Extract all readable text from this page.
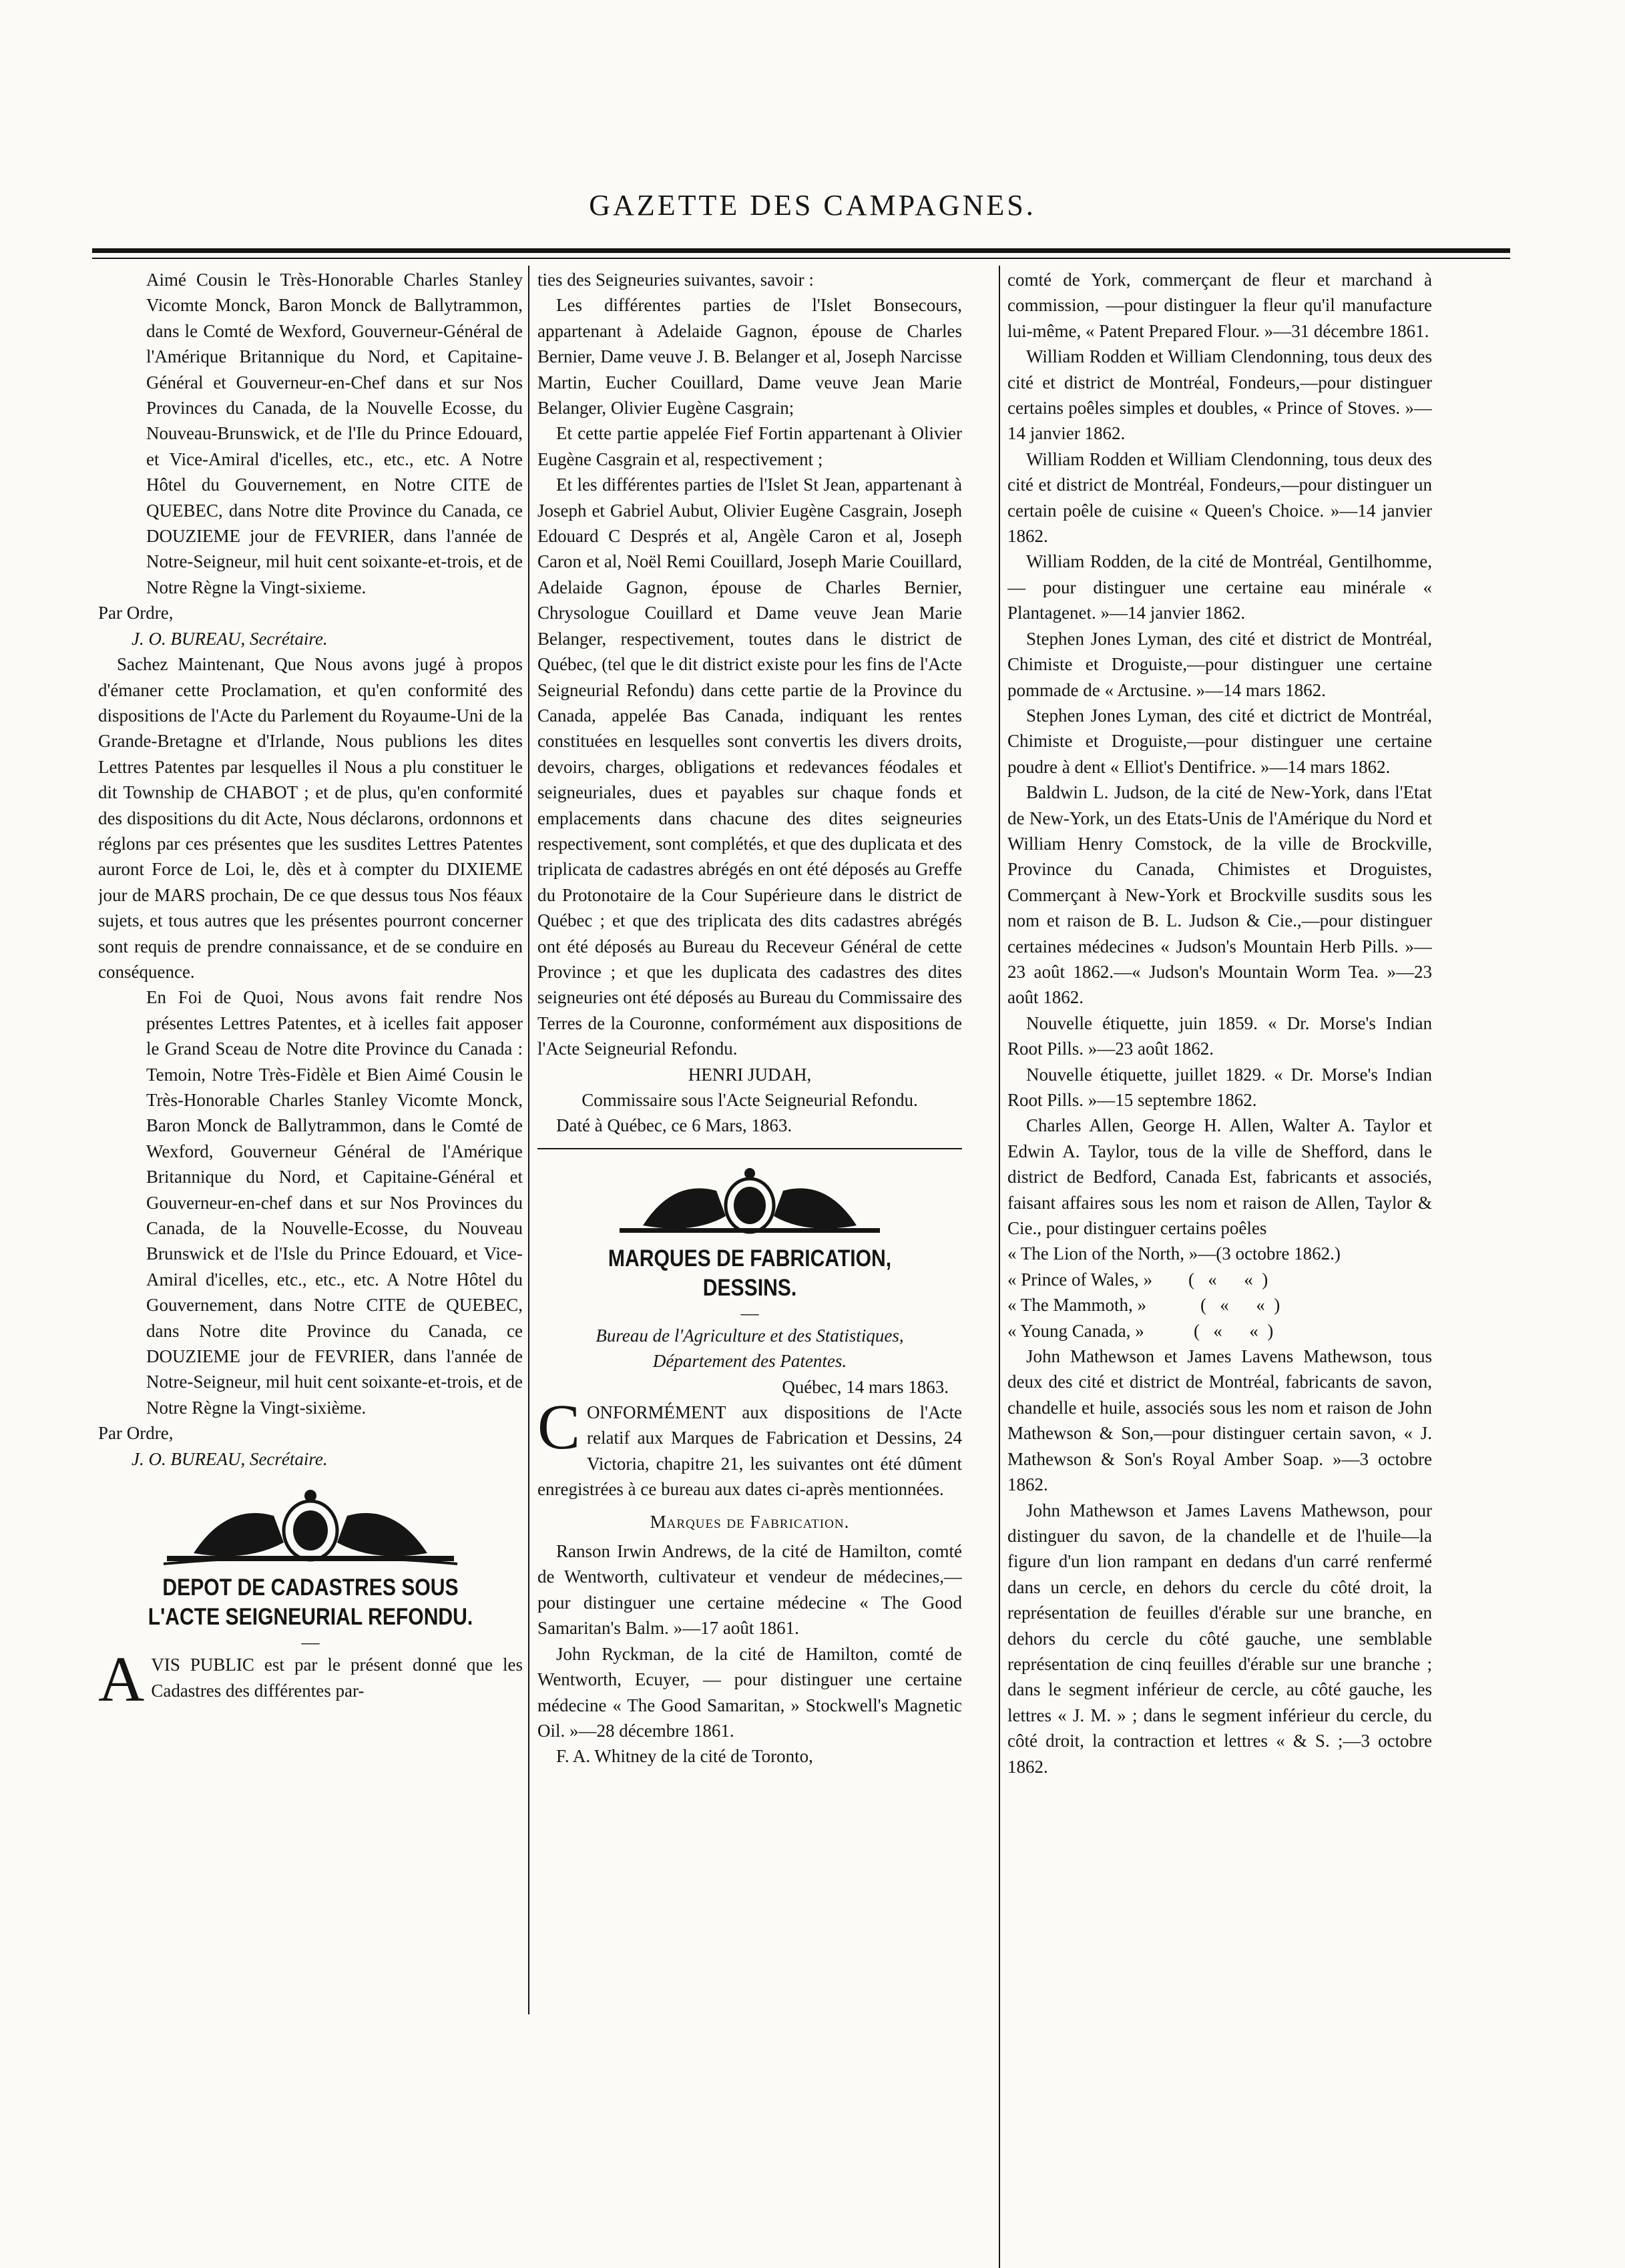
GAZETTE DES CAMPAGNES.

Aimé Cousin le Très-Honorable Charles Stanley Vicomte Monck, Baron Monck de Ballytrammon, dans le Comté de Wexford, Gouverneur-Général de l'Amérique Britannique du Nord, et Capitaine-Général et Gouverneur-en-Chef dans et sur Nos Provinces du Canada, de la Nouvelle Ecosse, du Nouveau-Brunswick, et de l'Ile du Prince Edouard, et Vice-Amiral d'icelles, etc., etc., etc. A Notre Hôtel du Gouvernement, en Notre CITE de QUEBEC, dans Notre dite Province du Canada, ce DOUZIEME jour de FEVRIER, dans l'année de Notre-Seigneur, mil huit cent soixante-et-trois, et de Notre Règne la Vingt-sixieme.

Par Ordre,

J. O. BUREAU, Secrétaire.

Sachez Maintenant, Que Nous avons jugé à propos d'émaner cette Proclamation, et qu'en conformité des dispositions de l'Acte du Parlement du Royaume-Uni de la Grande-Bretagne et d'Irlande, Nous publions les dites Lettres Patentes par lesquelles il Nous a plu constituer le dit Township de CHABOT ; et de plus, qu'en conformité des dispositions du dit Acte, Nous déclarons, ordonnons et réglons par ces présentes que les susdites Lettres Patentes auront Force de Loi, le, dès et à compter du DIXIEME jour de MARS prochain, De ce que dessus tous Nos féaux sujets, et tous autres que les présentes pourront concerner sont requis de prendre connaissance, et de se conduire en conséquence.

En Foi de Quoi, Nous avons fait rendre Nos présentes Lettres Patentes, et à icelles fait apposer le Grand Sceau de Notre dite Province du Canada : Temoin, Notre Très-Fidèle et Bien Aimé Cousin le Très-Honorable Charles Stanley Vicomte Monck, Baron Monck de Ballytrammon, dans le Comté de Wexford, Gouverneur Général de l'Amérique Britannique du Nord, et Capitaine-Général et Gouverneur-en-chef dans et sur Nos Provinces du Canada, de la Nouvelle-Ecosse, du Nouveau Brunswick et de l'Isle du Prince Edouard, et Vice-Amiral d'icelles, etc., etc., etc. A Notre Hôtel du Gouvernement, dans Notre CITE de QUEBEC, dans Notre dite Province du Canada, ce DOUZIEME jour de FEVRIER, dans l'année de Notre-Seigneur, mil huit cent soixante-et-trois, et de Notre Règne la Vingt-sixième.

Par Ordre,

J. O. BUREAU, Secrétaire.

DEPOT DE CADASTRES SOUS L'ACTE SEIGNEURIAL REFONDU.
—

AVIS PUBLIC est par le présent donné que les Cadastres des différentes par-

ties des Seigneuries suivantes, savoir :

Les différentes parties de l'Islet Bonsecours, appartenant à Adelaide Gagnon, épouse de Charles Bernier, Dame veuve J. B. Belanger et al, Joseph Narcisse Martin, Eucher Couillard, Dame veuve Jean Marie Belanger, Olivier Eugène Casgrain;

Et cette partie appelée Fief Fortin appartenant à Olivier Eugène Casgrain et al, respectivement ;

Et les différentes parties de l'Islet St Jean, appartenant à Joseph et Gabriel Aubut, Olivier Eugène Casgrain, Joseph Edouard C Després et al, Angèle Caron et al, Joseph Caron et al, Noël Remi Couillard, Joseph Marie Couillard, Adelaide Gagnon, épouse de Charles Bernier, Chrysologue Couillard et Dame veuve Jean Marie Belanger, respectivement, toutes dans le district de Québec, (tel que le dit district existe pour les fins de l'Acte Seigneurial Refondu) dans cette partie de la Province du Canada, appelée Bas Canada, indiquant les rentes constituées en lesquelles sont convertis les divers droits, devoirs, charges, obligations et redevances féodales et seigneuriales, dues et payables sur chaque fonds et emplacements dans chacune des dites seigneuries respectivement, sont complétés, et que des duplicata et des triplicata de cadastres abrégés en ont été déposés au Greffe du Protonotaire de la Cour Supérieure dans le district de Québec ; et que des triplicata des dits cadastres abrégés ont été déposés au Bureau du Receveur Général de cette Province ; et que les duplicata des cadastres des dites seigneuries ont été déposés au Bureau du Commissaire des Terres de la Couronne, conformément aux dispositions de l'Acte Seigneurial Refondu.

HENRI JUDAH,

Commissaire sous l'Acte Seigneurial Refondu.

Daté à Québec, ce 6 Mars, 1863.

MARQUES DE FABRICATION, DESSINS.
—

Bureau de l'Agriculture et des Statistiques,

Département des Patentes.

Québec, 14 mars 1863.

CONFORMÉMENT aux dispositions de l'Acte relatif aux Marques de Fabrication et Dessins, 24 Victoria, chapitre 21, les suivantes ont été dûment enregistrées à ce bureau aux dates ci-après mentionnées.

Marques de Fabrication.

Ranson Irwin Andrews, de la cité de Hamilton, comté de Wentworth, cultivateur et vendeur de médecines,—pour distinguer une certaine médecine « The Good Samaritan's Balm. »—17 août 1861.

John Ryckman, de la cité de Hamilton, comté de Wentworth, Ecuyer, — pour distinguer une certaine médecine « The Good Samaritan, » Stockwell's Magnetic Oil. »—28 décembre 1861.

F. A. Whitney de la cité de Toronto,

comté de York, commerçant de fleur et marchand à commission, —pour distinguer la fleur qu'il manufacture lui-même, « Patent Prepared Flour. »—31 décembre 1861.

William Rodden et William Clendonning, tous deux des cité et district de Montréal, Fondeurs,—pour distinguer certains poêles simples et doubles, « Prince of Stoves. »—14 janvier 1862.

William Rodden et William Clendonning, tous deux des cité et district de Montréal, Fondeurs,—pour distinguer un certain poêle de cuisine « Queen's Choice. »—14 janvier 1862.

William Rodden, de la cité de Montréal, Gentilhomme,— pour distinguer une certaine eau minérale « Plantagenet. »—14 janvier 1862.

Stephen Jones Lyman, des cité et district de Montréal, Chimiste et Droguiste,—pour distinguer une certaine pommade de « Arctusine. »—14 mars 1862.

Stephen Jones Lyman, des cité et dictrict de Montréal, Chimiste et Droguiste,—pour distinguer une certaine poudre à dent « Elliot's Dentifrice. »—14 mars 1862.

Baldwin L. Judson, de la cité de New-York, dans l'Etat de New-York, un des Etats-Unis de l'Amérique du Nord et William Henry Comstock, de la ville de Brockville, Province du Canada, Chimistes et Droguistes, Commerçant à New-York et Brockville susdits sous les nom et raison de B. L. Judson & Cie.,—pour distinguer certaines médecines « Judson's Mountain Herb Pills. »—23 août 1862.—« Judson's Mountain Worm Tea. »—23 août 1862.

Nouvelle étiquette, juin 1859. « Dr. Morse's Indian Root Pills. »—23 août 1862.

Nouvelle étiquette, juillet 1829. « Dr. Morse's Indian Root Pills. »—15 septembre 1862.

Charles Allen, George H. Allen, Walter A. Taylor et Edwin A. Taylor, tous de la ville de Shefford, dans le district de Bedford, Canada Est, fabricants et associés, faisant affaires sous les nom et raison de Allen, Taylor & Cie., pour distinguer certains poêles

« The Lion of the North, »—(3 octobre 1862.)

« Prince of Wales, »        (   «      «  )

« The Mammoth, »            (   «      «  )

« Young Canada, »           (   «      «  )

John Mathewson et James Lavens Mathewson, tous deux des cité et district de Montréal, fabricants de savon, chandelle et huile, associés sous les nom et raison de John Mathewson & Son,—pour distinguer certain savon, « J. Mathewson & Son's Royal Amber Soap. »—3 octobre 1862.

John Mathewson et James Lavens Mathewson, pour distinguer du savon, de la chandelle et de l'huile—la figure d'un lion rampant en dedans d'un carré renfermé dans un cercle, en dehors du cercle du côté droit, la représentation de feuilles d'érable sur une branche, en dehors du cercle du côté gauche, une semblable représentation de cinq feuilles d'érable sur une branche ; dans le segment inférieur de cercle, au côté gauche, les lettres « J. M. » ; dans le segment inférieur du cercle, du côté droit, la contraction et lettres « & S. ;—3 octobre 1862.
